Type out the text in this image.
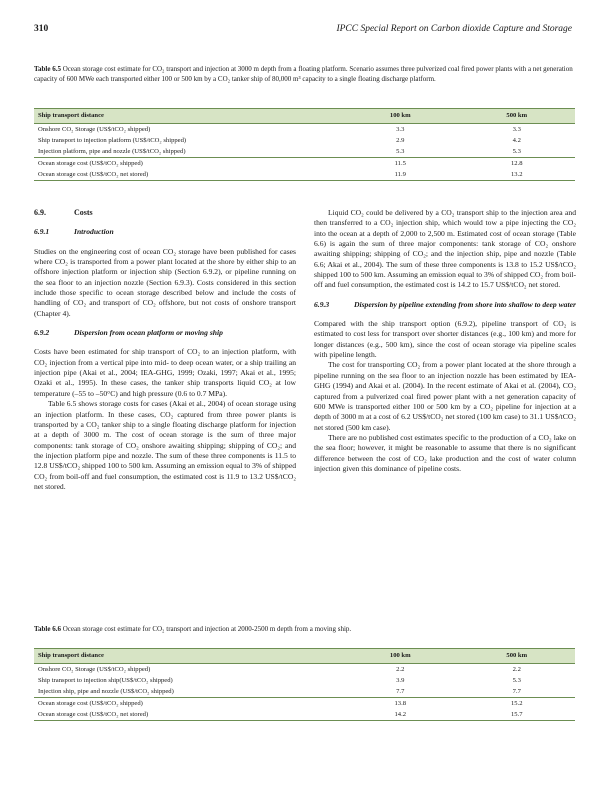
310	IPCC Special Report on Carbon dioxide Capture and Storage
Table 6.5 Ocean storage cost estimate for CO₂ transport and injection at 3000 m depth from a floating platform. Scenario assumes three pulverized coal fired power plants with a net generation capacity of 600 MWe each transported either 100 or 500 km by a CO₂ tanker ship of 80,000 m³ capacity to a single floating discharge platform.
Ship transport distance	100 km	500 km
Onshore CO₂ Storage (US$/tCO₂ shipped)	3.3	3.3
Ship transport to injection platform (US$/tCO₂ shipped)	2.9	4.2
Injection platform, pipe and nozzle (US$/tCO₂ shipped)	5.3	5.3
Ocean storage cost (US$/tCO₂ shipped)	11.5	12.8
Ocean storage cost (US$/tCO₂ net stored)	11.9	13.2
6.9.	Costs
6.9.1	Introduction

Studies on the engineering cost of ocean CO₂ storage have been published for cases where CO₂ is transported from a power plant located at the shore by either ship to an offshore injection platform or injection ship (Section 6.9.2), or pipeline running on the sea floor to an injection nozzle (Section 6.9.3). Costs considered in this section include those specific to ocean storage described below and include the costs of handling of CO₂ and transport of CO₂ offshore, but not costs of onshore transport (Chapter 4).

6.9.2	Dispersion from ocean platform or moving ship

Costs have been estimated for ship transport of CO₂ to an injection platform, with CO₂ injection from a vertical pipe into mid- to deep ocean water, or a ship trailing an injection pipe (Akai et al., 2004; IEA-GHG, 1999; Ozaki, 1997; Akai et al., 1995; Ozaki et al., 1995). In these cases, the tanker ship transports liquid CO₂ at low temperature (–55 to –50°C) and high pressure (0.6 to 0.7 MPa).

Table 6.5 shows storage costs for cases (Akai et al., 2004) of ocean storage using an injection platform. In these cases, CO₂ captured from three power plants is transported by a CO₂ tanker ship to a single floating discharge platform for injection at a depth of 3000 m. The cost of ocean storage is the sum of three major components: tank storage of CO₂ onshore awaiting shipping; shipping of CO₂; and the injection platform pipe and nozzle. The sum of these three components is 11.5 to 12.8 US$/tCO₂ shipped 100 to 500 km. Assuming an emission equal to 3% of shipped CO₂ from boil-off and fuel consumption, the estimated cost is 11.9 to 13.2 US$/tCO₂ net stored.

Liquid CO₂ could be delivered by a CO₂ transport ship to the injection area and then transferred to a CO₂ injection ship, which would tow a pipe injecting the CO₂ into the ocean at a depth of 2,000 to 2,500 m. Estimated cost of ocean storage (Table 6.6) is again the sum of three major components: tank storage of CO₂ onshore awaiting shipping; shipping of CO₂; and the injection ship, pipe and nozzle (Table 6.6; Akai et al., 2004). The sum of these three components is 13.8 to 15.2 US$/tCO₂ shipped 100 to 500 km. Assuming an emission equal to 3% of shipped CO₂ from boil-off and fuel consumption, the estimated cost is 14.2 to 15.7 US$/tCO₂ net stored.

6.9.3	Dispersion by pipeline extending from shore into shallow to deep water

Compared with the ship transport option (6.9.2), pipeline transport of CO₂ is estimated to cost less for transport over shorter distances (e.g., 100 km) and more for longer distances (e.g., 500 km), since the cost of ocean storage via pipeline scales with pipeline length.

The cost for transporting CO₂ from a power plant located at the shore through a pipeline running on the sea floor to an injection nozzle has been estimated by IEA-GHG (1994) and Akai et al. (2004). In the recent estimate of Akai et al. (2004), CO₂ captured from a pulverized coal fired power plant with a net generation capacity of 600 MWe is transported either 100 or 500 km by a CO₂ pipeline for injection at a depth of 3000 m at a cost of 6.2 US$/tCO₂ net stored (100 km case) to 31.1 US$/tCO₂ net stored (500 km case).

There are no published cost estimates specific to the production of a CO₂ lake on the sea floor; however, it might be reasonable to assume that there is no significant difference between the cost of CO₂ lake production and the cost of water column injection given this dominance of pipeline costs.

Table 6.6 Ocean storage cost estimate for CO₂ transport and injection at 2000-2500 m depth from a moving ship.
Ship transport distance	100 km	500 km
Onshore CO₂ Storage (US$/tCO₂ shipped)	2.2	2.2
Ship transport to injection ship(US$/tCO₂ shipped)	3.9	5.3
Injection ship, pipe and nozzle (US$/tCO₂ shipped)	7.7	7.7
Ocean storage cost (US$/tCO₂ shipped)	13.8	15.2
Ocean storage cost (US$/tCO₂ net stored)	14.2	15.7
